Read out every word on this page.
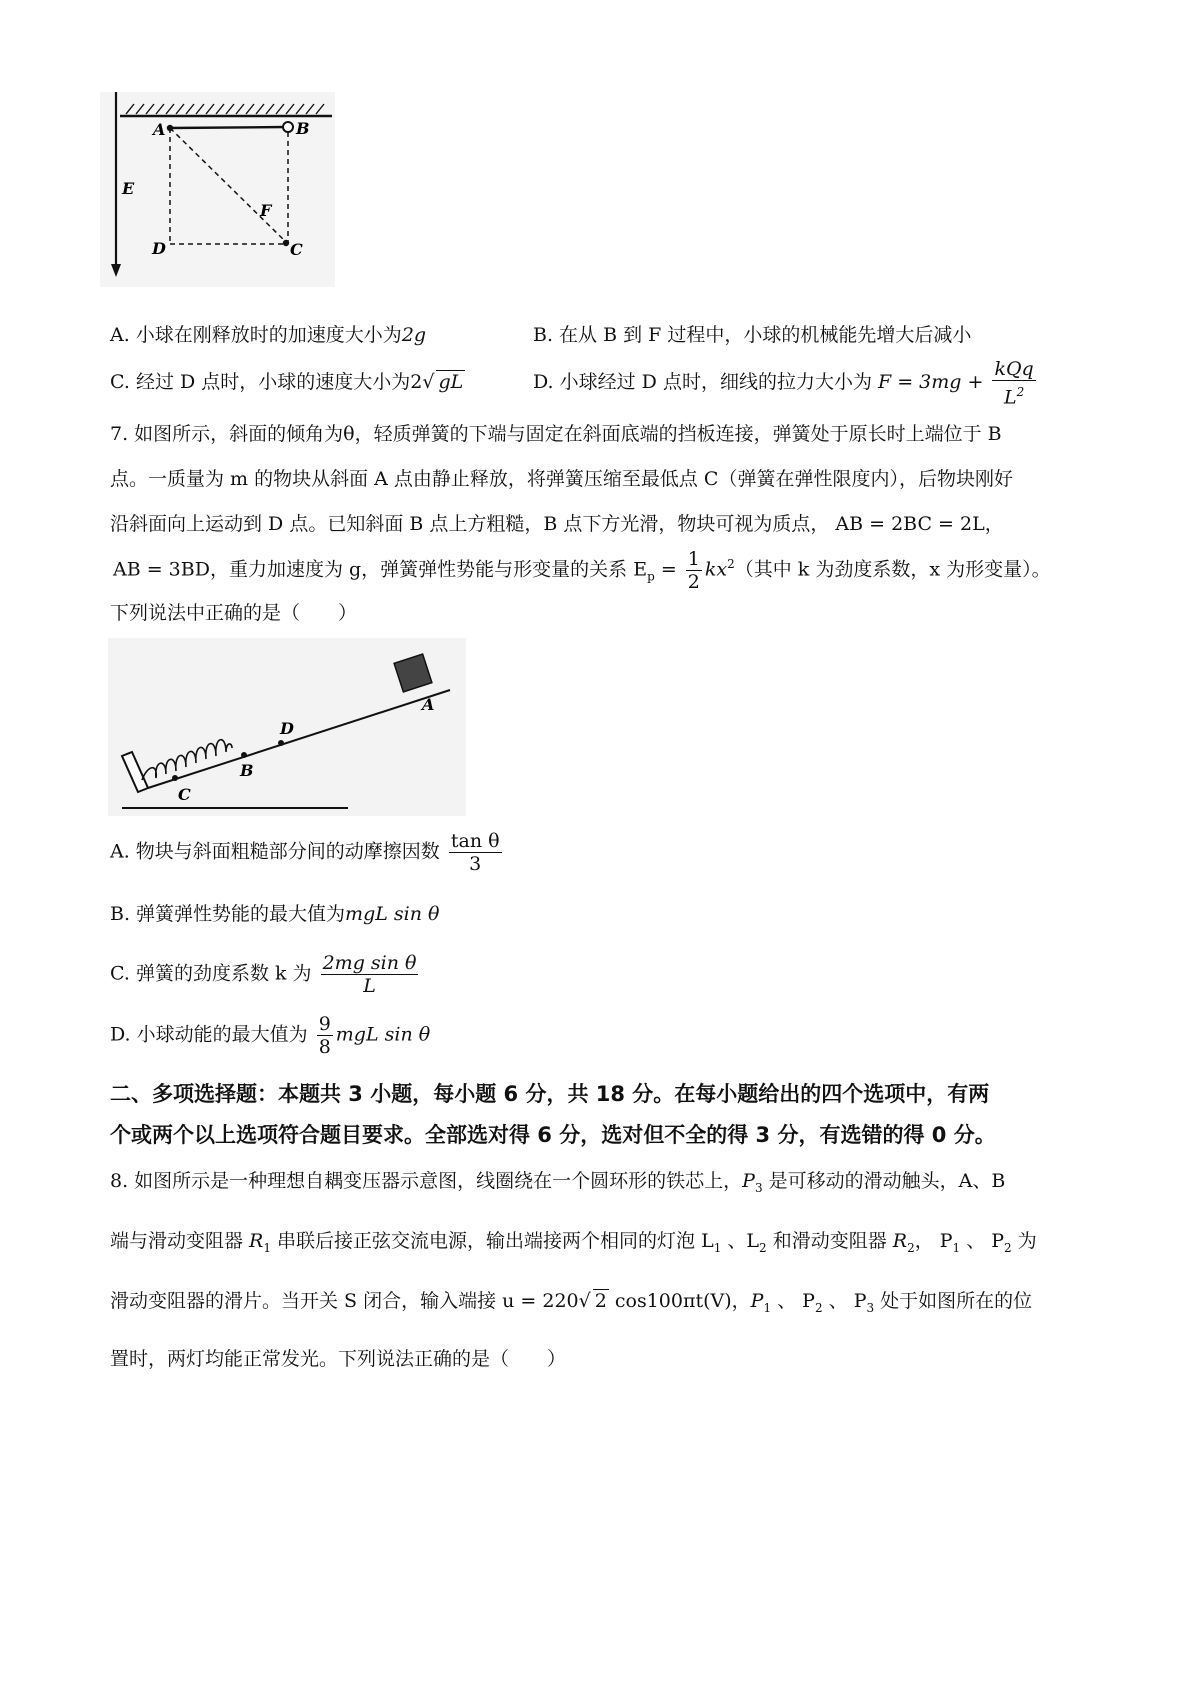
A	B
C
D
E
F
A. 小球在刚释放时的加速度大小为2g	B. 在从 B 到 F 过程中，小球的机械能先增大后减小
C. 经过 D 点时，小球的速度大小为2√ gL	D. 小球经过 D 点时，细线的拉力大小为 $F = 3mg + \frac{\text{kQq}}{L^2}$
7. 如图所示，斜面的倾角为θ，轻质弹簧的下端与固定在斜面底端的挡板连接，弹簧处于原长时上端位于 B
点。一质量为 m 的物块从斜面 A 点由静止释放，将弹簧压缩至最低点 C（弹簧在弹性限度内），后物块刚好
沿斜面向上运动到 D 点。已知斜面 B 点上方粗糙，B 点下方光滑，物块可视为质点， AB = 2BC = 2L，
AB = 3BD，重力加速度为 g，弹簧弹性势能与形变量的关系 $E_p = \frac{1}{2} kx^2$（其中 k 为劲度系数，x 为形变量）。
下列说法中正确的是（　　）
A
B
C
D
A. 物块与斜面粗糙部分间的动摩擦因数 $\frac{\text{tan θ}}{3}$
B. 弹簧弹性势能的最大值为mgL sin θ
C. 弹簧的劲度系数 k 为 $\frac{\text{2mg sin θ}}{L}$
D. 小球动能的最大值为 $\frac{9}{8}$ mgL sin θ
二、多项选择题：本题共 3 小题，每小题 6 分，共 18 分。在每小题给出的四个选项中，有两
个或两个以上选项符合题目要求。全部选对得 6 分，选对但不全的得 3 分，有选错的得 0 分。
8. 如图所示是一种理想自耦变压器示意图，线圈绕在一个圆环形的铁芯上，$P_3$ 是可移动的滑动触头，A、B
端与滑动变阻器 $R_1$ 串联后接正弦交流电源，输出端接两个相同的灯泡 $L_1$ 、$L_2$ 和滑动变阻器 $R_2$， $P_1$ 、 $P_2$ 为
滑动变阻器的滑片。当开关 S 闭合，输入端接 u = 220√ 2 cos100πt(V)，$P_1$ 、 $P_2$ 、 $P_3$ 处于如图所在的位
置时，两灯均能正常发光。下列说法正确的是（　　）
